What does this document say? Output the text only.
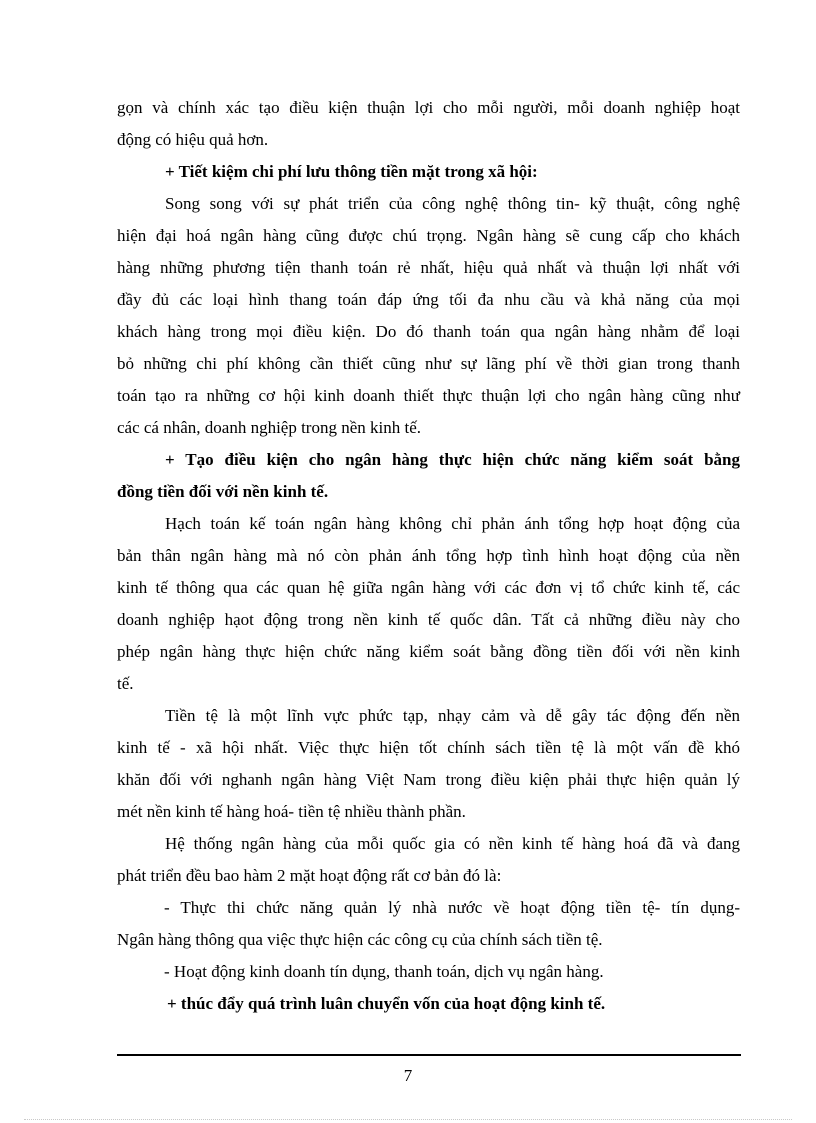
gọn và chính xác tạo điều kiện thuận lợi cho mỗi người, mỗi doanh nghiệp hoạt
động có hiệu quả hơn.
+ Tiết kiệm chi phí lưu thông tiền mặt trong xã hội:
Song song với sự phát triển của công nghệ thông tin- kỹ thuật, công nghệ
hiện đại hoá ngân hàng cũng được chú trọng. Ngân hàng sẽ cung cấp cho khách
hàng những phương tiện thanh toán rẻ nhất, hiệu quả nhất và thuận lợi nhất với
đầy đủ các loại hình thang toán đáp ứng tối đa nhu cầu và khả năng của mọi
khách hàng trong mọi điều kiện. Do đó thanh toán qua ngân hàng nhằm để loại
bỏ những chi phí không cần thiết cũng như sự lãng phí về thời gian trong thanh
toán tạo ra những cơ hội kinh doanh thiết thực thuận lợi cho ngân hàng cũng như
các cá nhân, doanh nghiệp trong nền kinh tế.
+ Tạo điều kiện cho ngân hàng thực hiện chức năng kiểm soát bằng
đồng tiền đối với nền kinh tế.
Hạch toán kế toán ngân hàng không chỉ phản ánh tổng hợp hoạt động của
bản thân ngân hàng mà nó còn phản ánh tổng hợp tình hình hoạt động của nền
kinh tế thông qua các quan hệ giữa ngân hàng với các đơn vị tổ chức kinh tế, các
doanh nghiệp hạot động trong nền kinh tế quốc dân. Tất cả những điều này cho
phép ngân hàng thực hiện chức năng kiểm soát bằng đồng tiền đối với nền kinh
tế.
Tiền tệ là một lĩnh vực phức tạp, nhạy cảm và dễ gây tác động đến nền
kinh tế - xã hội nhất. Việc thực hiện tốt chính sách tiền tệ là một vấn đề khó
khăn đối với nghanh ngân hàng Việt Nam trong điều kiện phải thực hiện quản lý
mét nền kinh tế hàng hoá- tiền tệ nhiều thành phần.
Hệ thống ngân hàng của mỗi quốc gia có nền kinh tế hàng hoá đã và đang
phát triển đều bao hàm 2 mặt hoạt động rất cơ bản đó là:
- Thực thi chức năng quản lý nhà nước về hoạt động tiền tệ- tín dụng-
Ngân hàng thông qua việc thực hiện các công cụ của chính sách tiền tệ.
- Hoạt động kinh doanh tín dụng, thanh toán, dịch vụ ngân hàng.
+ thúc đẩy quá trình luân chuyển vốn của hoạt động kinh tế.
7
